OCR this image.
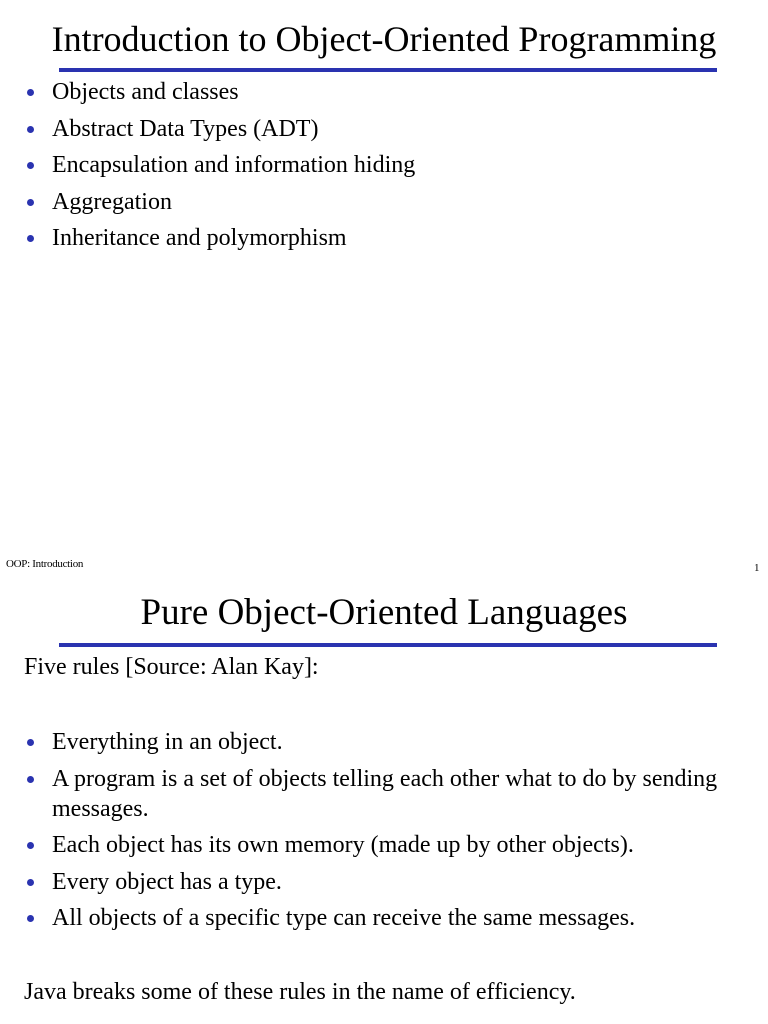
Introduction to Object-Oriented Programming
Objects and classes
Abstract Data Types (ADT)
Encapsulation and information hiding
Aggregation
Inheritance and polymorphism
OOP: Introduction	1
Pure Object-Oriented Languages
Five rules [Source: Alan Kay]:
Everything in an object.
A program is a set of objects telling each other what to do by sending messages.
Each object has its own memory (made up by other objects).
Every object has a type.
All objects of a specific type can receive the same messages.
Java breaks some of these rules in the name of efficiency.
